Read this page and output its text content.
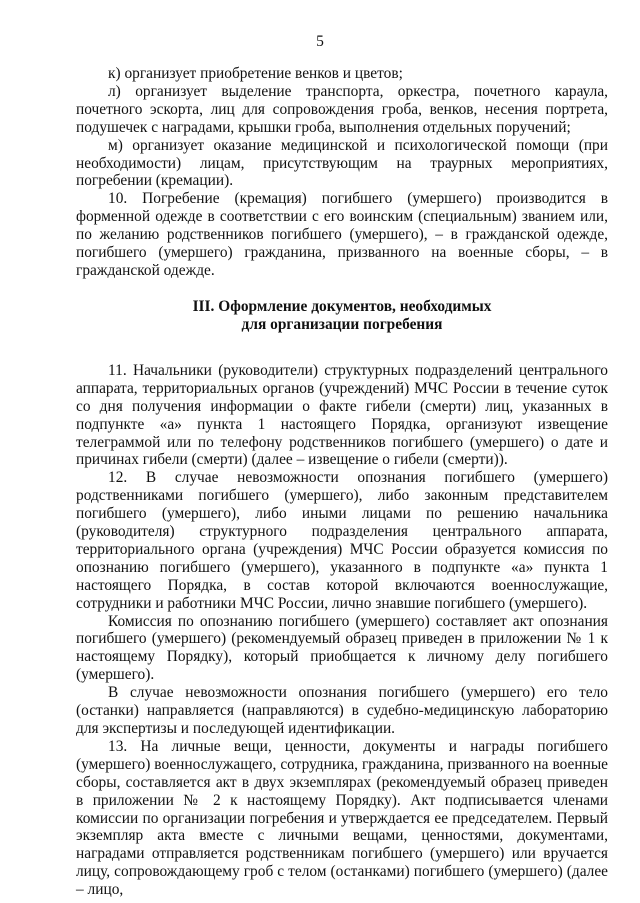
5

к) организует приобретение венков и цветов;

л) организует выделение транспорта, оркестра, почетного караула, почетного эскорта, лиц для сопровождения гроба, венков, несения портрета, подушечек с наградами, крышки гроба, выполнения отдельных поручений;

м) организует оказание медицинской и психологической помощи (при необходимости) лицам, присутствующим на траурных мероприятиях, погребении (кремации).

10. Погребение (кремация) погибшего (умершего) производится в форменной одежде в соответствии с его воинским (специальным) званием или, по желанию родственников погибшего (умершего), – в гражданской одежде, погибшего (умершего) гражданина, призванного на военные сборы, – в гражданской одежде.

III. Оформление документов, необходимых
для организации погребения

11. Начальники (руководители) структурных подразделений центрального аппарата, территориальных органов (учреждений) МЧС России в течение суток со дня получения информации о факте гибели (смерти) лиц, указанных в подпункте «а» пункта 1 настоящего Порядка, организуют извещение телеграммой или по телефону родственников погибшего (умершего) о дате и причинах гибели (смерти) (далее – извещение о гибели (смерти)).

12. В случае невозможности опознания погибшего (умершего) родственниками погибшего (умершего), либо законным представителем погибшего (умершего), либо иными лицами по решению начальника (руководителя) структурного подразделения центрального аппарата, территориального органа (учреждения) МЧС России образуется комиссия по опознанию погибшего (умершего), указанного в подпункте «а» пункта 1 настоящего Порядка, в состав которой включаются военнослужащие, сотрудники и работники МЧС России, лично знавшие погибшего (умершего).

Комиссия по опознанию погибшего (умершего) составляет акт опознания погибшего (умершего) (рекомендуемый образец приведен в приложении № 1 к настоящему Порядку), который приобщается к личному делу погибшего (умершего).

В случае невозможности опознания погибшего (умершего) его тело (останки) направляется (направляются) в судебно-медицинскую лабораторию для экспертизы и последующей идентификации.

13. На личные вещи, ценности, документы и награды погибшего (умершего) военнослужащего, сотрудника, гражданина, призванного на военные сборы, составляется акт в двух экземплярах (рекомендуемый образец приведен в приложении № 2 к настоящему Порядку). Акт подписывается членами комиссии по организации погребения и утверждается ее председателем. Первый экземпляр акта вместе с личными вещами, ценностями, документами, наградами отправляется родственникам погибшего (умершего) или вручается лицу, сопровождающему гроб с телом (останками) погибшего (умершего) (далее – лицо,
